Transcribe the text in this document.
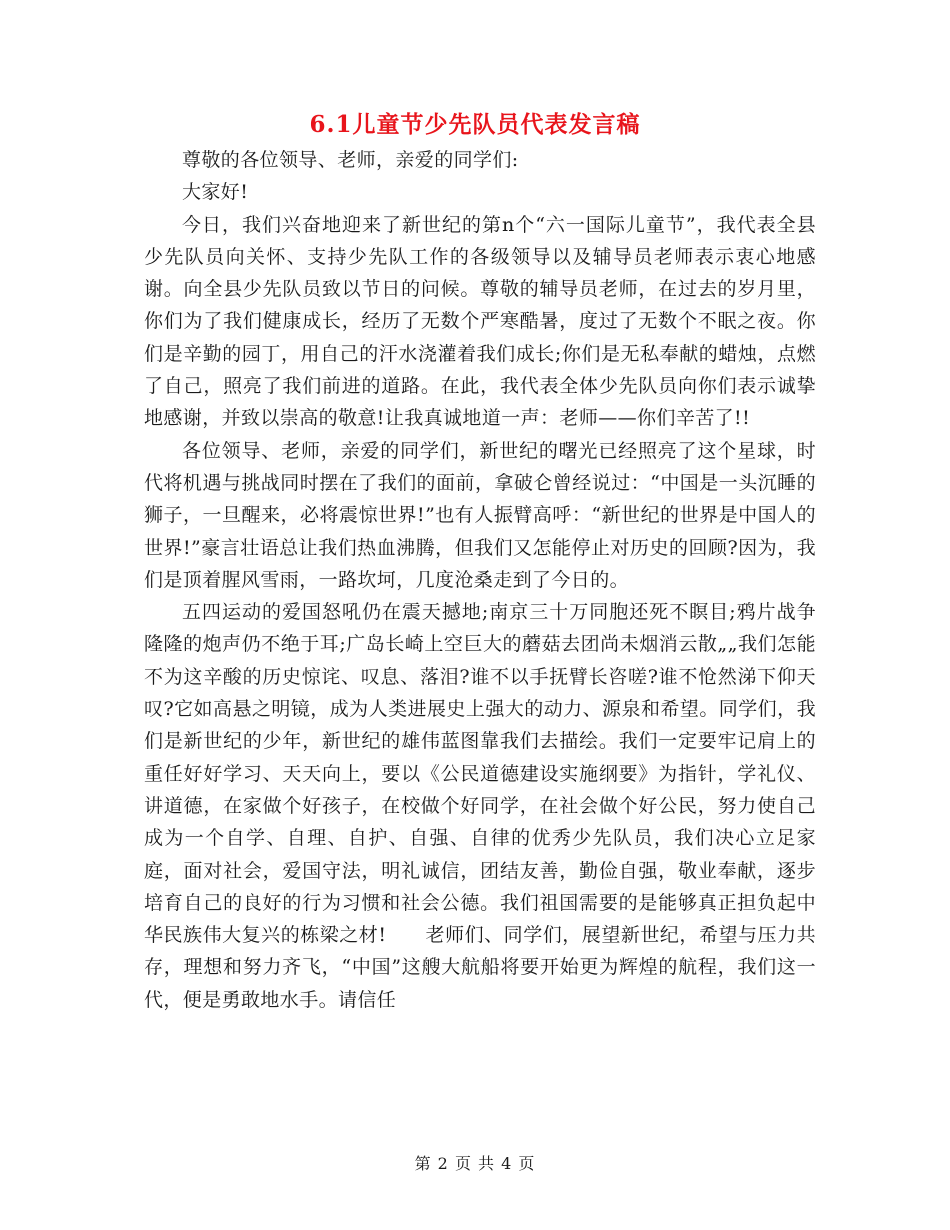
6.1儿童节少先队员代表发言稿

尊敬的各位领导、老师，亲爱的同学们:

大家好!

今日，我们兴奋地迎来了新世纪的第n个“六一国际儿童节”，我代表全县少先队员向关怀、支持少先队工作的各级领导以及辅导员老师表示衷心地感谢。向全县少先队员致以节日的问候。尊敬的辅导员老师，在过去的岁月里，你们为了我们健康成长，经历了无数个严寒酷暑，度过了无数个不眠之夜。你们是辛勤的园丁，用自己的汗水浇灌着我们成长;你们是无私奉献的蜡烛，点燃了自己，照亮了我们前进的道路。在此，我代表全体少先队员向你们表示诚挚地感谢，并致以崇高的敬意!让我真诚地道一声：老师——你们辛苦了!!

各位领导、老师，亲爱的同学们，新世纪的曙光已经照亮了这个星球，时代将机遇与挑战同时摆在了我们的面前，拿破仑曾经说过：“中国是一头沉睡的狮子，一旦醒来，必将震惊世界!”也有人振臂高呼：“新世纪的世界是中国人的世界!”豪言壮语总让我们热血沸腾，但我们又怎能停止对历史的回顾?因为，我们是顶着腥风雪雨，一路坎坷，几度沧桑走到了今日的。

五四运动的爱国怒吼仍在震天撼地;南京三十万同胞还死不瞑目;鸦片战争隆隆的炮声仍不绝于耳;广岛长崎上空巨大的蘑菇去团尚未烟消云散„„我们怎能不为这辛酸的历史惊诧、叹息、落泪?谁不以手抚臂长咨嗟?谁不怆然涕下仰天叹?它如高悬之明镜，成为人类进展史上强大的动力、源泉和希望。同学们，我们是新世纪的少年，新世纪的雄伟蓝图靠我们去描绘。我们一定要牢记肩上的重任好好学习、天天向上，要以《公民道德建设实施纲要》为指针，学礼仪、讲道德，在家做个好孩子，在校做个好同学，在社会做个好公民，努力使自己成为一个自学、自理、自护、自强、自律的优秀少先队员，我们决心立足家庭，面对社会，爱国守法，明礼诚信，团结友善，勤俭自强，敬业奉献，逐步培育自己的良好的行为习惯和社会公德。我们祖国需要的是能够真正担负起中华民族伟大复兴的栋梁之材!　　老师们、同学们，展望新世纪，希望与压力共存，理想和努力齐飞，“中国”这艘大航船将要开始更为辉煌的航程，我们这一代，便是勇敢地水手。请信任

第 2 页 共 4 页
